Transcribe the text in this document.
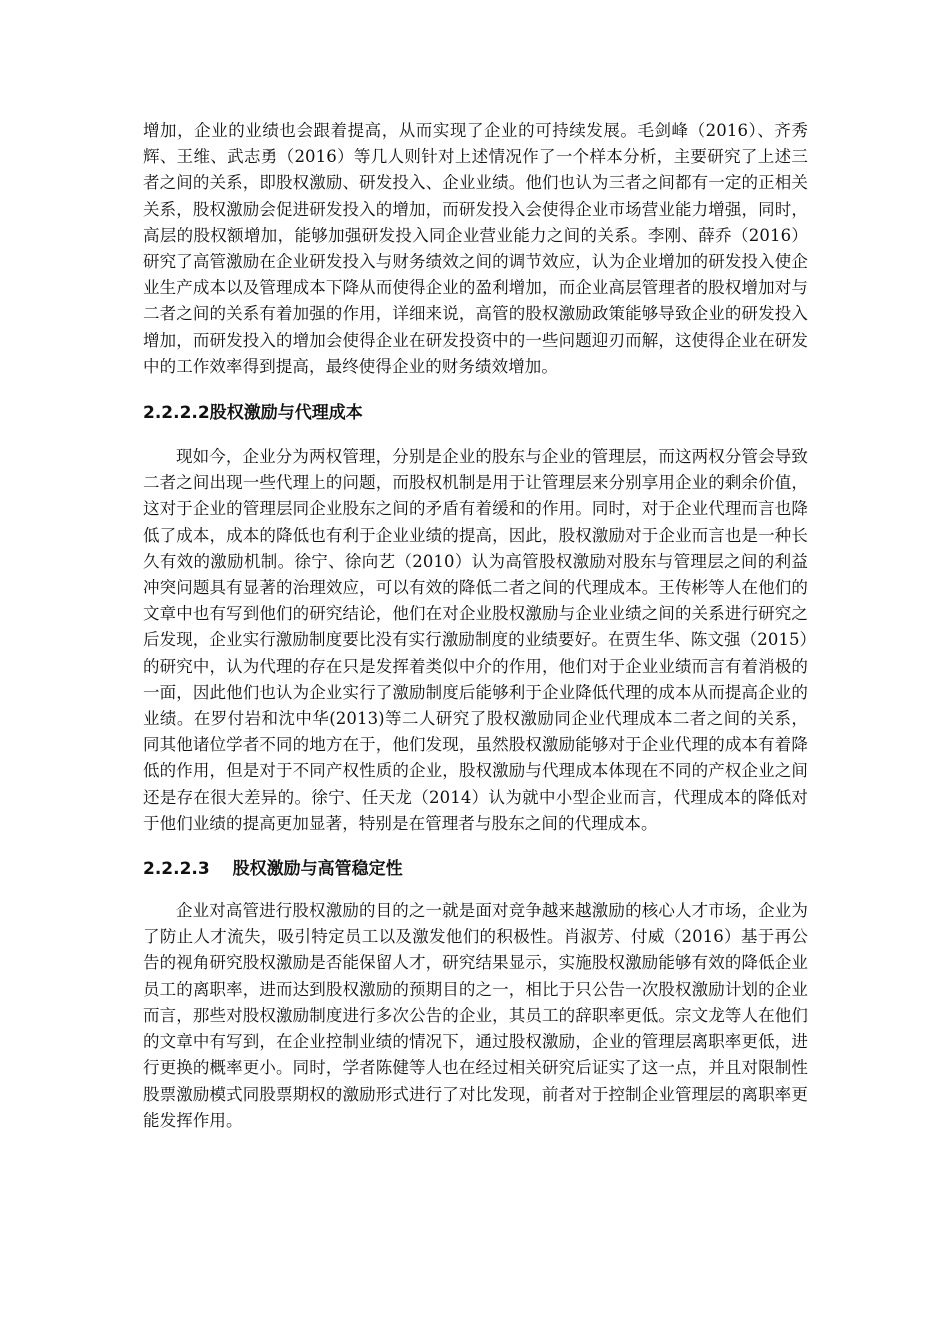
增加，企业的业绩也会跟着提高，从而实现了企业的可持续发展。毛剑峰（2016）、齐秀辉、王维、武志勇（2016）等几人则针对上述情况作了一个样本分析，主要研究了上述三者之间的关系，即股权激励、研发投入、企业业绩。他们也认为三者之间都有一定的正相关关系，股权激励会促进研发投入的增加，而研发投入会使得企业市场营业能力增强，同时，高层的股权额增加，能够加强研发投入同企业营业能力之间的关系。李刚、薛乔（2016）研究了高管激励在企业研发投入与财务绩效之间的调节效应，认为企业增加的研发投入使企业生产成本以及管理成本下降从而使得企业的盈利增加，而企业高层管理者的股权增加对与二者之间的关系有着加强的作用，详细来说，高管的股权激励政策能够导致企业的研发投入增加，而研发投入的增加会使得企业在研发投资中的一些问题迎刃而解，这使得企业在研发中的工作效率得到提高，最终使得企业的财务绩效增加。

2.2.2.2股权激励与代理成本

现如今，企业分为两权管理，分别是企业的股东与企业的管理层，而这两权分管会导致二者之间出现一些代理上的问题，而股权机制是用于让管理层来分别享用企业的剩余价值，这对于企业的管理层同企业股东之间的矛盾有着缓和的作用。同时，对于企业代理而言也降低了成本，成本的降低也有利于企业业绩的提高，因此，股权激励对于企业而言也是一种长久有效的激励机制。徐宁、徐向艺（2010）认为高管股权激励对股东与管理层之间的利益冲突问题具有显著的治理效应，可以有效的降低二者之间的代理成本。王传彬等人在他们的文章中也有写到他们的研究结论，他们在对企业股权激励与企业业绩之间的关系进行研究之后发现，企业实行激励制度要比没有实行激励制度的业绩要好。在贾生华、陈文强（2015）的研究中，认为代理的存在只是发挥着类似中介的作用，他们对于企业业绩而言有着消极的一面，因此他们也认为企业实行了激励制度后能够利于企业降低代理的成本从而提高企业的业绩。在罗付岩和沈中华(2013)等二人研究了股权激励同企业代理成本二者之间的关系，同其他诸位学者不同的地方在于，他们发现，虽然股权激励能够对于企业代理的成本有着降低的作用，但是对于不同产权性质的企业，股权激励与代理成本体现在不同的产权企业之间还是存在很大差异的。徐宁、任天龙（2014）认为就中小型企业而言，代理成本的降低对于他们业绩的提高更加显著，特别是在管理者与股东之间的代理成本。

2.2.2.3　 股权激励与高管稳定性

企业对高管进行股权激励的目的之一就是面对竞争越来越激励的核心人才市场，企业为了防止人才流失，吸引特定员工以及激发他们的积极性。肖淑芳、付威（2016）基于再公告的视角研究股权激励是否能保留人才，研究结果显示，实施股权激励能够有效的降低企业员工的离职率，进而达到股权激励的预期目的之一，相比于只公告一次股权激励计划的企业而言，那些对股权激励制度进行多次公告的企业，其员工的辞职率更低。宗文龙等人在他们的文章中有写到，在企业控制业绩的情况下，通过股权激励，企业的管理层离职率更低，进行更换的概率更小。同时，学者陈健等人也在经过相关研究后证实了这一点，并且对限制性股票激励模式同股票期权的激励形式进行了对比发现，前者对于控制企业管理层的离职率更能发挥作用。
